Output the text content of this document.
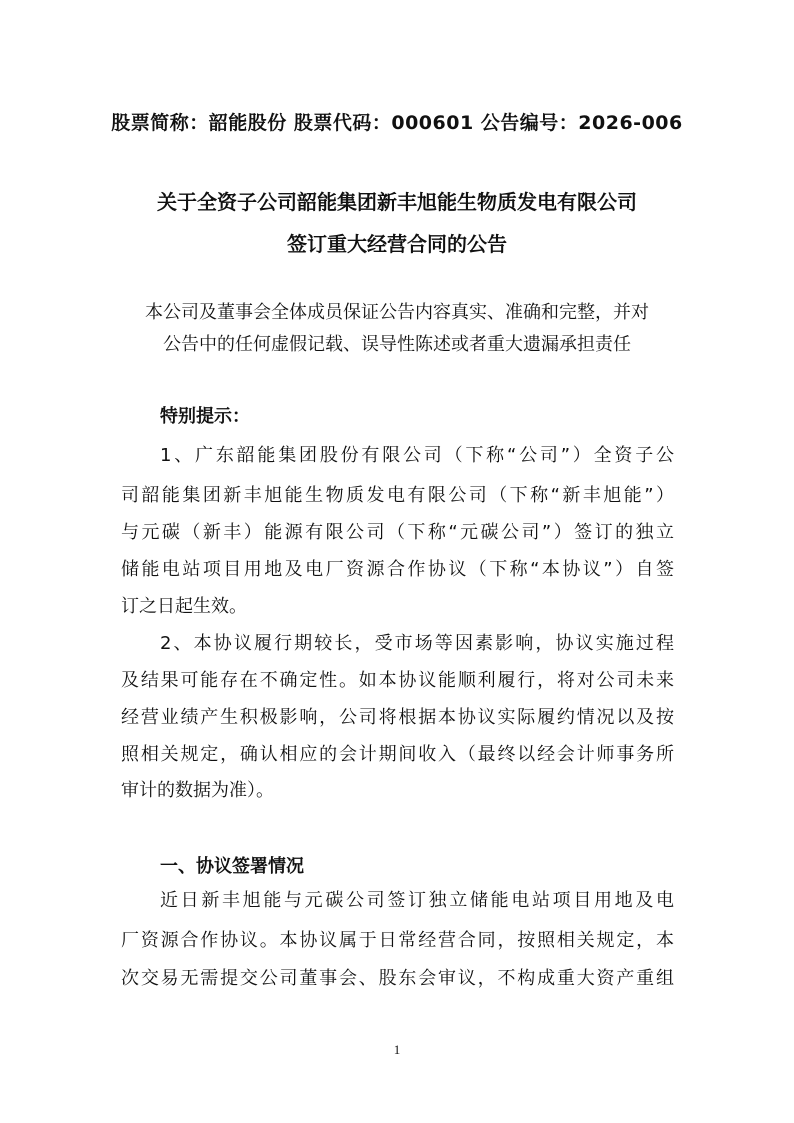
股票简称：韶能股份 股票代码：000601 公告编号：2026-006
关于全资子公司韶能集团新丰旭能生物质发电有限公司
签订重大经营合同的公告
本公司及董事会全体成员保证公告内容真实、准确和完整，并对
公告中的任何虚假记载、误导性陈述或者重大遗漏承担责任
特别提示：
1、广东韶能集团股份有限公司（下称“公司”）全资子公
司韶能集团新丰旭能生物质发电有限公司（下称“新丰旭能”）
与元碳（新丰）能源有限公司（下称“元碳公司”）签订的独立
储能电站项目用地及电厂资源合作协议（下称“本协议”）自签
订之日起生效。
2、本协议履行期较长，受市场等因素影响，协议实施过程
及结果可能存在不确定性。如本协议能顺利履行，将对公司未来
经营业绩产生积极影响，公司将根据本协议实际履约情况以及按
照相关规定，确认相应的会计期间收入（最终以经会计师事务所
审计的数据为准）。
一、协议签署情况
近日新丰旭能与元碳公司签订独立储能电站项目用地及电
厂资源合作协议。本协议属于日常经营合同，按照相关规定，本
次交易无需提交公司董事会、股东会审议，不构成重大资产重组
1
